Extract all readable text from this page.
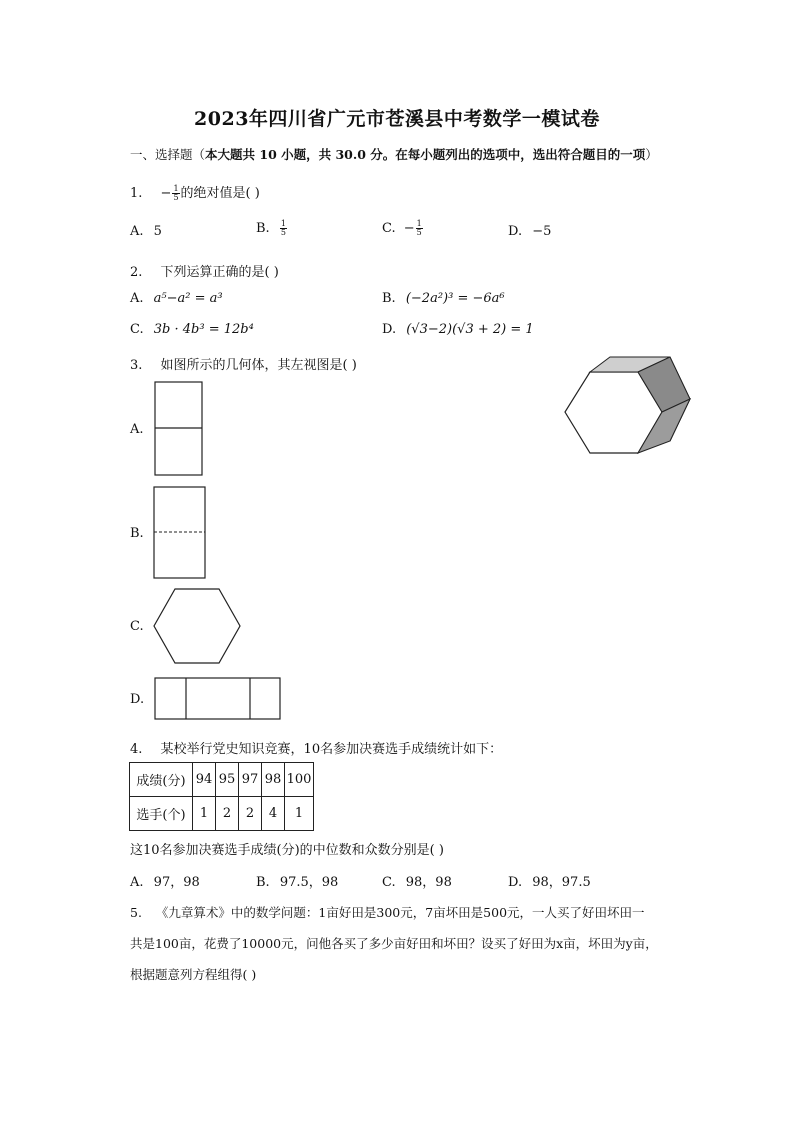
2023年四川省广元市苍溪县中考数学一模试卷
一、选择题（本大题共 10 小题，共 30.0 分。在每小题列出的选项中，选出符合题目的一项）
1. − $\frac{1}{5}$ 的绝对值是( )
A. 5	B. $\frac{1}{5}$	C. − $\frac{1}{5}$	D. −5
2. 下列运算正确的是( )
A. a⁵−a² = a³	B. (−2a²)³ = −6a⁶
C. 3b · 4b³ = 12b⁴	D. (√3−2)(√3 + 2) = 1
3. 如图所示的几何体，其左视图是( )
A.
B.
C.
D.
4. 某校举行党史知识竞赛，10名参加决赛选手成绩统计如下：
成绩(分)	94	95	97	98	100
选手(个)	1	2	2	4	1
这10名参加决赛选手成绩(分)的中位数和众数分别是( )
A. 97，98	B. 97.5，98	C. 98，98	D. 98，97.5
5. 《九章算术》中的数学问题：1亩好田是300元，7亩坏田是500元，一人买了好田坏田一
共是100亩，花费了10000元，问他各买了多少亩好田和坏田？设买了好田为x亩，坏田为y亩，
根据题意列方程组得( )
